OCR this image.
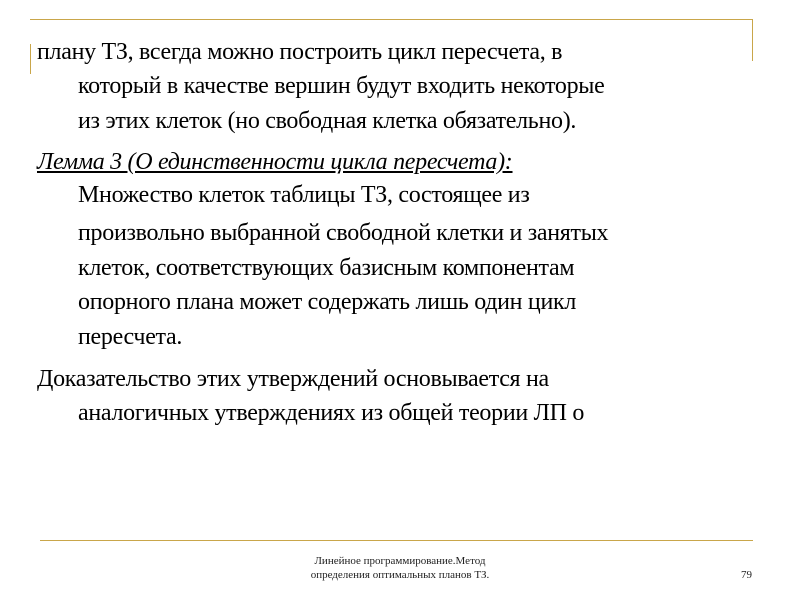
плану ТЗ, всегда можно построить цикл пересчета, в

который в качестве вершин будут входить некоторые

из этих клеток (но свободная клетка обязательно).

Лемма 3 (О единственности цикла пересчета):

Множество клеток таблицы ТЗ, состоящее из

произвольно выбранной свободной клетки и занятых

клеток, соответствующих базисным компонентам

опорного плана может содержать лишь один цикл

пересчета.

Доказательство этих утверждений основывается на

аналогичных утверждениях из общей теории ЛП о

Линейное программирование.Метод
определения оптимальных планов ТЗ.	79
